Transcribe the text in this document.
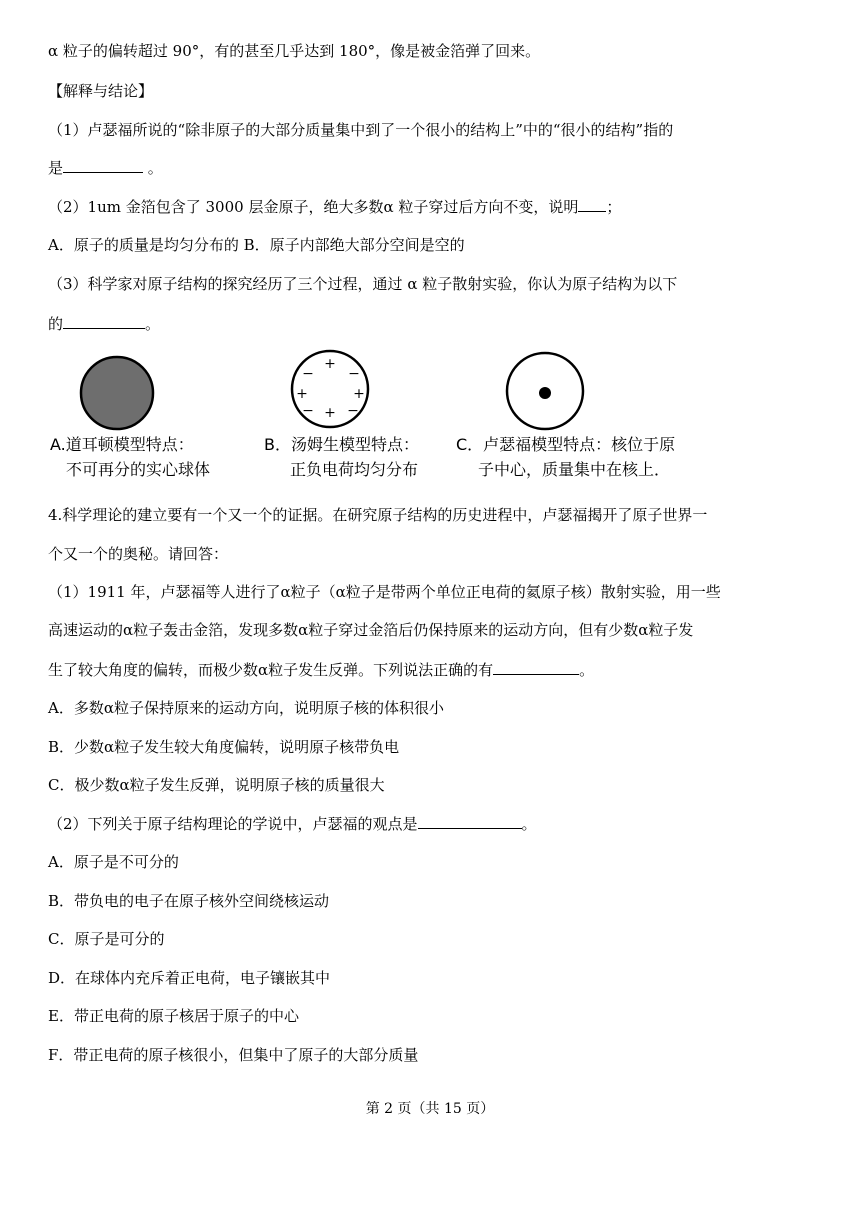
α 粒子的偏转超过 90°，有的甚至几乎达到 180°，像是被金箔弹了回来。
【解释与结论】
（1）卢瑟福所说的“除非原子的大部分质量集中到了一个很小的结构上”中的“很小的结构”指的
是	。
（2）1um 金箔包含了 3000 层金原子，绝大多数α 粒子穿过后方向不变，说明 ；
A．原子的质量是均匀分布的 B．原子内部绝大部分空间是空的
（3）科学家对原子结构的探究经历了三个过程，通过 α 粒子散射实验，你认为原子结构为以下
的	。
+
− −
+	+
− + −
A.道耳顿模型特点：
不可再分的实心球体
B．汤姆生模型特点：
正负电荷均匀分布
C．卢瑟福模型特点：核位于原
子中心，质量集中在核上．
4.科学理论的建立要有一个又一个的证据。在研究原子结构的历史进程中，卢瑟福揭开了原子世界一
个又一个的奥秘。请回答：
（1）1911 年，卢瑟福等人进行了α粒子（α粒子是带两个单位正电荷的氦原子核）散射实验，用一些
高速运动的α粒子轰击金箔，发现多数α粒子穿过金箔后仍保持原来的运动方向，但有少数α粒子发
生了较大角度的偏转，而极少数α粒子发生反弹。下列说法正确的有	。
A．多数α粒子保持原来的运动方向，说明原子核的体积很小
B．少数α粒子发生较大角度偏转，说明原子核带负电
C．极少数α粒子发生反弹，说明原子核的质量很大
（2）下列关于原子结构理论的学说中，卢瑟福的观点是	。
A．原子是不可分的
B．带负电的电子在原子核外空间绕核运动
C．原子是可分的
D．在球体内充斥着正电荷，电子镶嵌其中
E．带正电荷的原子核居于原子的中心
F．带正电荷的原子核很小，但集中了原子的大部分质量
第 2 页（共 15 页）
